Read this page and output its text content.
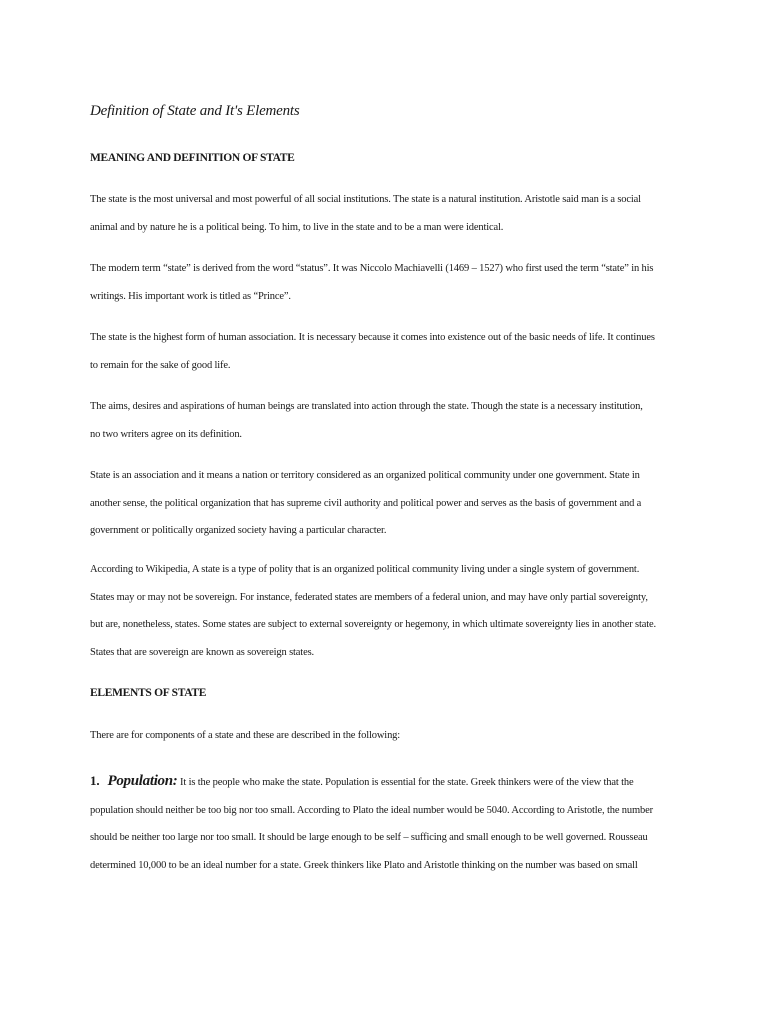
Definition of State and It's Elements
MEANING AND DEFINITION OF STATE
The state is the most universal and most powerful of all social institutions. The state is a natural institution. Aristotle said man is a social
animal and by nature he is a political being. To him, to live in the state and to be a man were identical.
The modern term “state” is derived from the word “status”. It was Niccolo Machiavelli (1469 – 1527) who first used the term “state” in his
writings. His important work is titled as “Prince”.
The state is the highest form of human association. It is necessary because it comes into existence out of the basic needs of life. It continues
to remain for the sake of good life.
The aims, desires and aspirations of human beings are translated into action through the state. Though the state is a necessary institution,
no two writers agree on its definition.
State is an association and it means a nation or territory considered as an organized political community under one government. State in
another sense, the political organization that has supreme civil authority and political power and serves as the basis of government and a
government or politically organized society having a particular character.
According to Wikipedia, A state is a type of polity that is an organized political community living under a single system of government.
States may or may not be sovereign. For instance, federated states are members of a federal union, and may have only partial sovereignty,
but are, nonetheless, states. Some states are subject to external sovereignty or hegemony, in which ultimate sovereignty lies in another state.
States that are sovereign are known as sovereign states.
ELEMENTS OF STATE
There are for components of a state and these are described in the following:
1. Population: It is the people who make the state. Population is essential for the state. Greek thinkers were of the view that the
population should neither be too big nor too small. According to Plato the ideal number would be 5040. According to Aristotle, the number
should be neither too large nor too small. It should be large enough to be self – sufficing and small enough to be well governed. Rousseau
determined 10,000 to be an ideal number for a state. Greek thinkers like Plato and Aristotle thinking on the number was based on small
